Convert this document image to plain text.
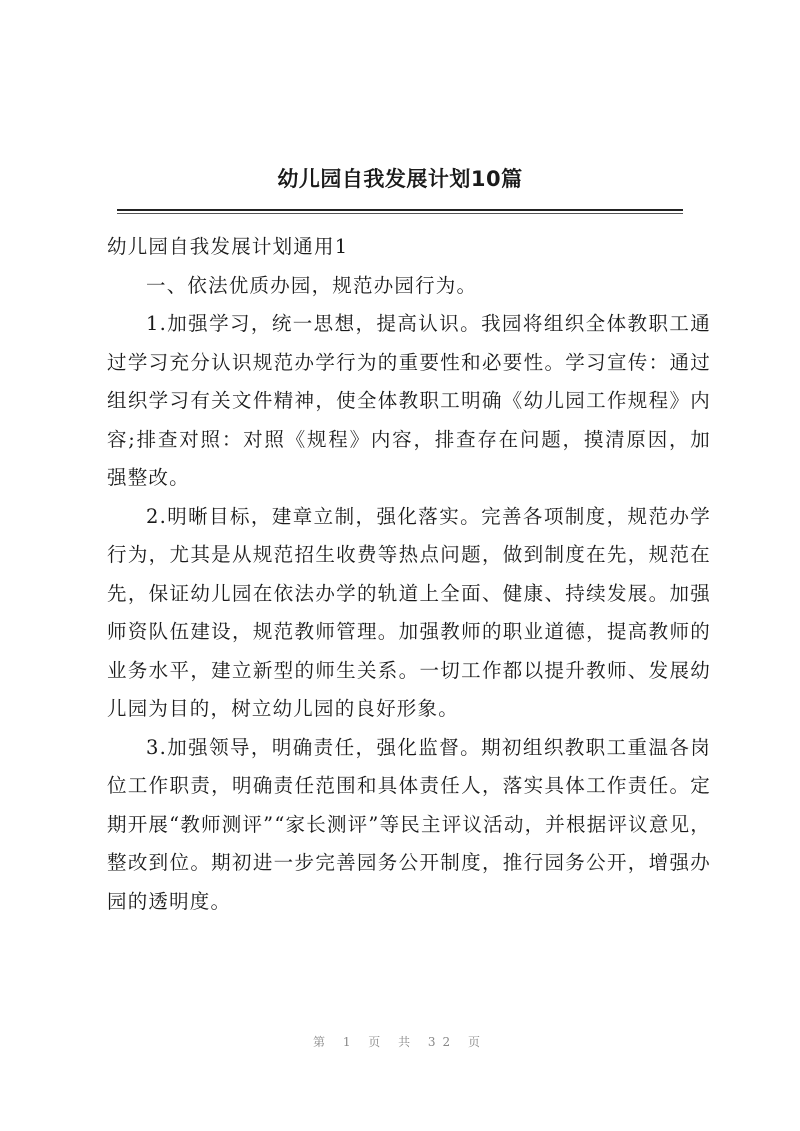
幼儿园自我发展计划10篇

幼儿园自我发展计划通用1

一、依法优质办园，规范办园行为。

1.加强学习，统一思想，提高认识。我园将组织全体教职工通过学习充分认识规范办学行为的重要性和必要性。学习宣传：通过组织学习有关文件精神，使全体教职工明确《幼儿园工作规程》内容;排查对照：对照《规程》内容，排查存在问题，摸清原因，加强整改。

2.明晰目标，建章立制，强化落实。完善各项制度，规范办学行为，尤其是从规范招生收费等热点问题，做到制度在先，规范在先，保证幼儿园在依法办学的轨道上全面、健康、持续发展。加强师资队伍建设，规范教师管理。加强教师的职业道德，提高教师的业务水平，建立新型的师生关系。一切工作都以提升教师、发展幼儿园为目的，树立幼儿园的良好形象。

3.加强领导，明确责任，强化监督。期初组织教职工重温各岗位工作职责，明确责任范围和具体责任人，落实具体工作责任。定期开展“教师测评”“家长测评”等民主评议活动，并根据评议意见，整改到位。期初进一步完善园务公开制度，推行园务公开，增强办园的透明度。

第 1 页 共 32 页
